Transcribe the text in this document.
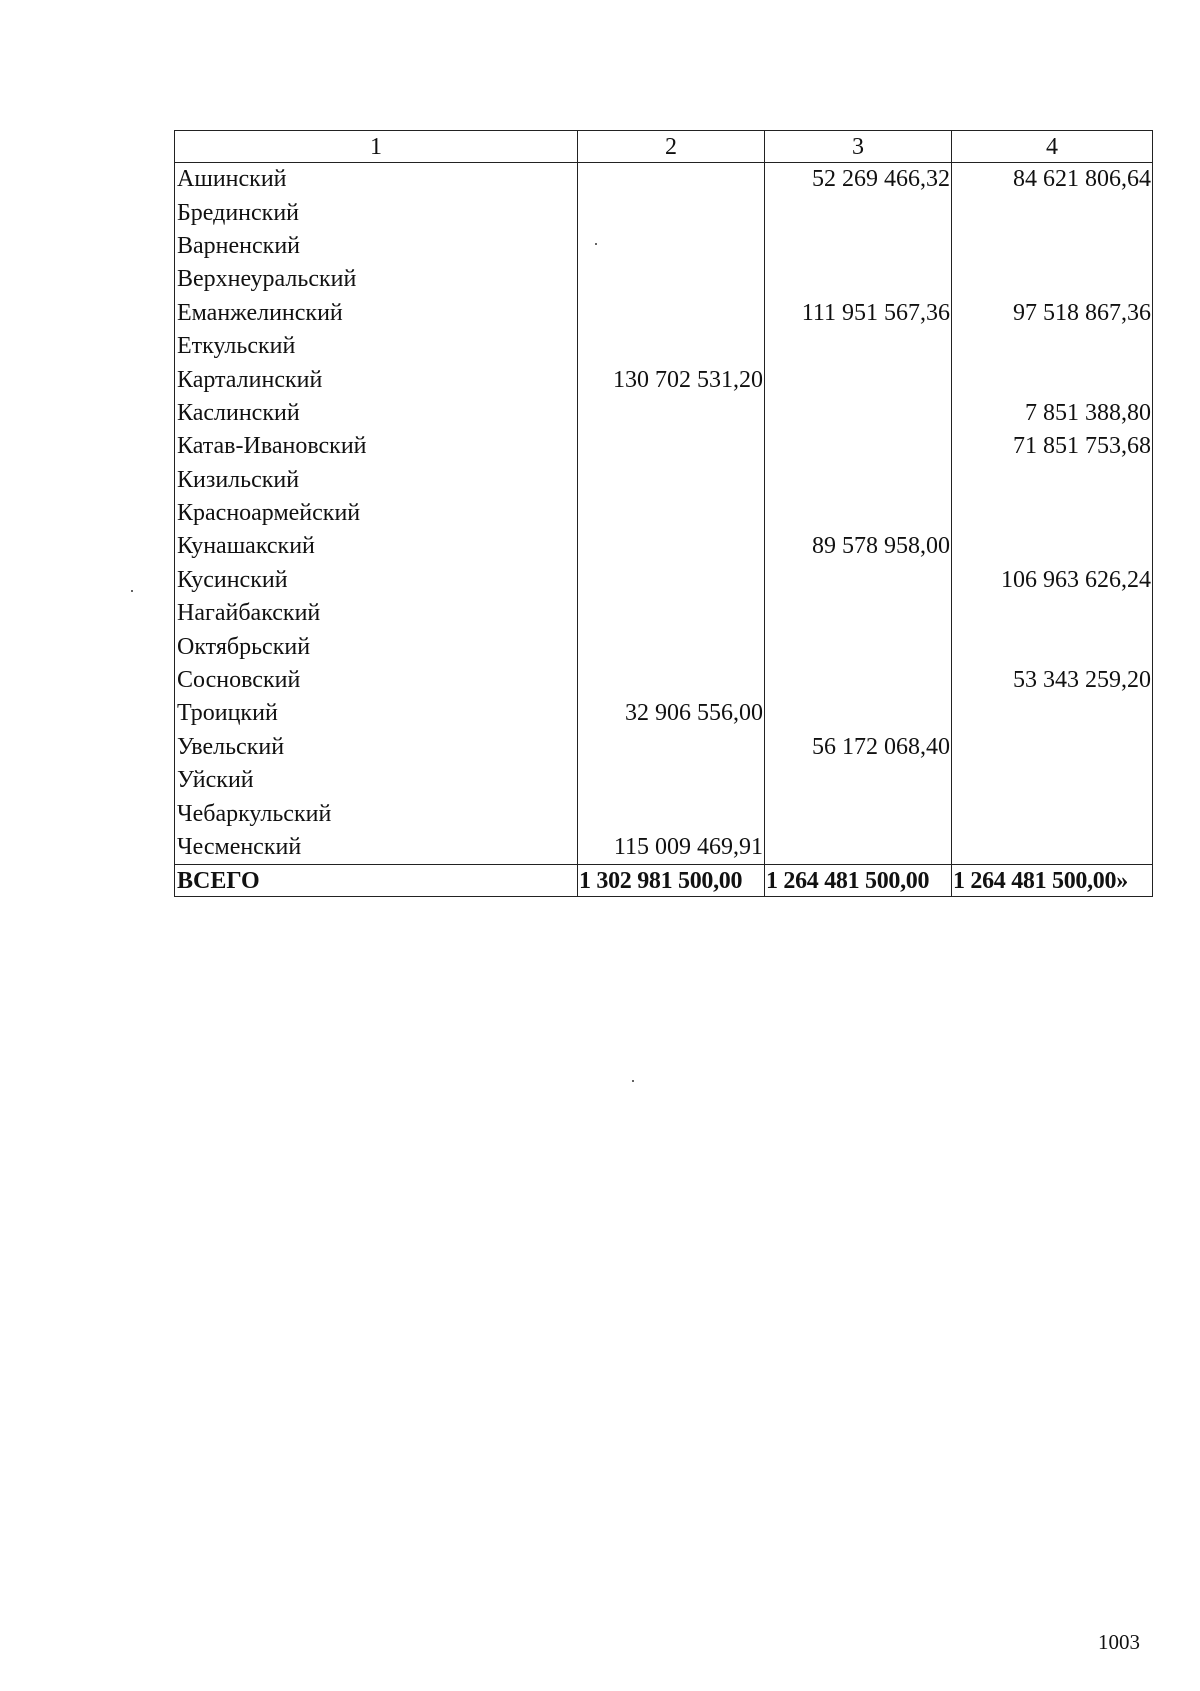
1	2	3	4
Ашинский		52 269 466,32	84 621 806,64
Брединский			
Варненский			
Верхнеуральский			
Еманжелинский		111 951 567,36	97 518 867,36
Еткульский			
Карталинский	130 702 531,20		
Каслинский			7 851 388,80
Катав-Ивановский			71 851 753,68
Кизильский			
Красноармейский			
Кунашакский		89 578 958,00	
Кусинский			106 963 626,24
Нагайбакский			
Октябрьский			
Сосновский			53 343 259,20
Троицкий	32 906 556,00		
Увельский		56 172 068,40	
Уйский			
Чебаркульский			
Чесменский	115 009 469,91		
ВСЕГО	1 302 981 500,00	1 264 481 500,00	1 264 481 500,00»
1003
